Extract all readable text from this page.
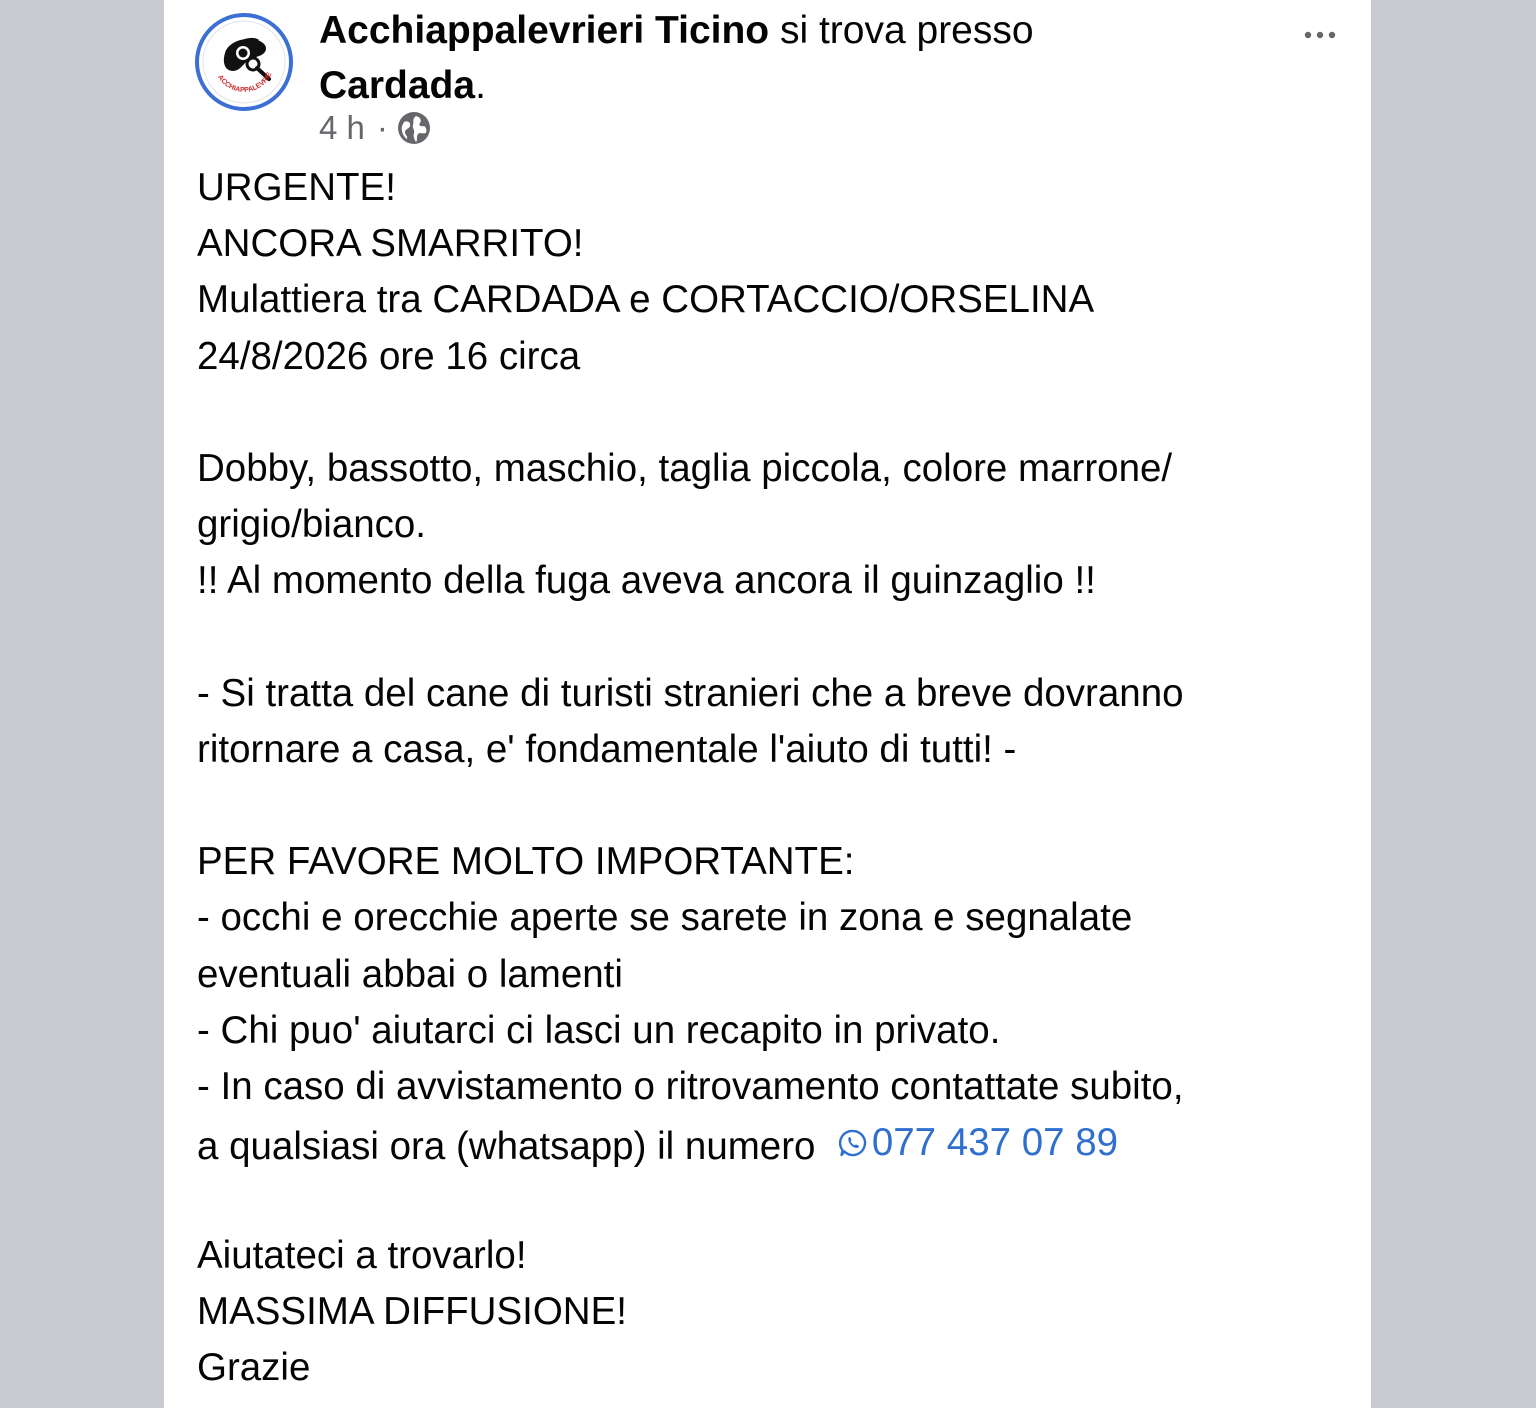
ACCHIAPPALEVRIE
Acchiappalevrieri Ticino si trova presso
Cardada.
4 h ·
URGENTE!
ANCORA SMARRITO!
Mulattiera tra CARDADA e CORTACCIO/ORSELINA
24/8/2026 ore 16 circa
Dobby, bassotto, maschio, taglia piccola, colore marrone/
grigio/bianco.
!! Al momento della fuga aveva ancora il guinzaglio !!
- Si tratta del cane di turisti stranieri che a breve dovranno
ritornare a casa, e' fondamentale l'aiuto di tutti! -
PER FAVORE MOLTO IMPORTANTE:
- occhi e orecchie aperte se sarete in zona e segnalate
eventuali abbai o lamenti
- Chi puo' aiutarci ci lasci un recapito in privato.
- In caso di avvistamento o ritrovamento contattate subito,
a qualsiasi ora (whatsapp) il numero 077 437 07 89
Aiutateci a trovarlo!
MASSIMA DIFFUSIONE!
Grazie
